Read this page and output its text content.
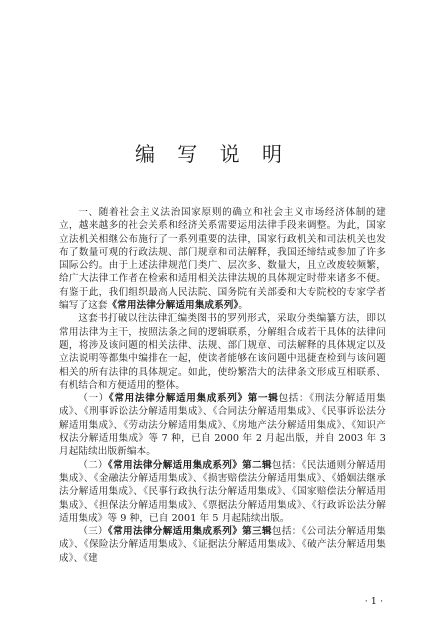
编 写 说 明

一、随着社会主义法治国家原则的确立和社会主义市场经济体制的建立，越来越多的社会关系和经济关系需要运用法律手段来调整。为此，国家立法机关相继公布施行了一系列重要的法律，国家行政机关和司法机关也发布了数量可观的行政法规、部门规章和司法解释，我国还缔结或参加了许多国际公约。由于上述法律规范门类广、层次多、数量大，且立改废较频繁，给广大法律工作者在检索和适用相关法律法规的具体规定时带来诸多不便。有鉴于此，我们组织最高人民法院、国务院有关部委和大专院校的专家学者编写了这套《常用法律分解适用集成系列》。

这套书打破以往法律汇编类图书的罗列形式，采取分类编纂方法，即以常用法律为主干，按照法条之间的逻辑联系，分解组合成若干具体的法律问题，将涉及该问题的相关法律、法规、部门规章、司法解释的具体规定以及立法说明等都集中编排在一起，使读者能够在该问题中迅捷查检到与该问题相关的所有法律的具体规定。如此，使纷繁浩大的法律条文形成互相联系、有机结合和方便适用的整体。

（一）《常用法律分解适用集成系列》第一辑包括：《刑法分解适用集成》、《刑事诉讼法分解适用集成》、《合同法分解适用集成》、《民事诉讼法分解适用集成》、《劳动法分解适用集成》、《房地产法分解适用集成》、《知识产权法分解适用集成》等 7 种，已自 2000 年 2 月起出版，并自 2003 年 3 月起陆续出版新编本。

（二）《常用法律分解适用集成系列》第二辑包括：《民法通则分解适用集成》、《金融法分解适用集成》、《损害赔偿法分解适用集成》、《婚姻法继承法分解适用集成》、《民事行政执行法分解适用集成》、《国家赔偿法分解适用集成》、《担保法分解适用集成》、《票据法分解适用集成》、《行政诉讼法分解适用集成》等 9 种，已自 2001 年 5 月起陆续出版。

（三）《常用法律分解适用集成系列》第三辑包括：《公司法分解适用集成》、《保险法分解适用集成》、《证据法分解适用集成》、《破产法分解适用集成》、《建

· 1 ·
